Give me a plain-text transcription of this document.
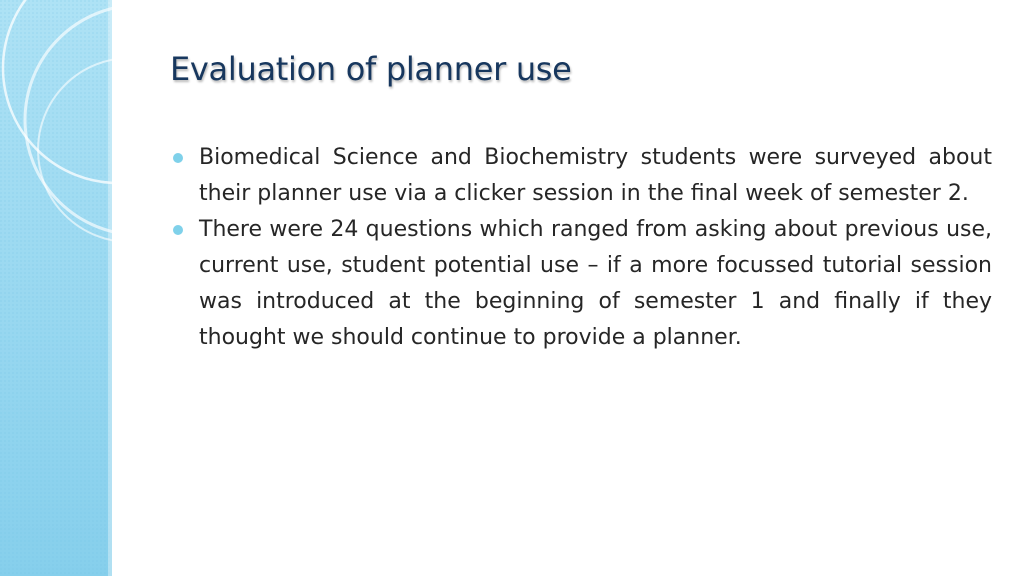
Evaluation of planner use
Biomedical Science and Biochemistry students were surveyed about their planner use via a clicker session in the final week of semester 2.
There were 24 questions which ranged from asking about previous use, current use, student potential use – if a more focussed tutorial session was introduced at the beginning of semester 1 and finally if they thought we should continue to provide a planner.
